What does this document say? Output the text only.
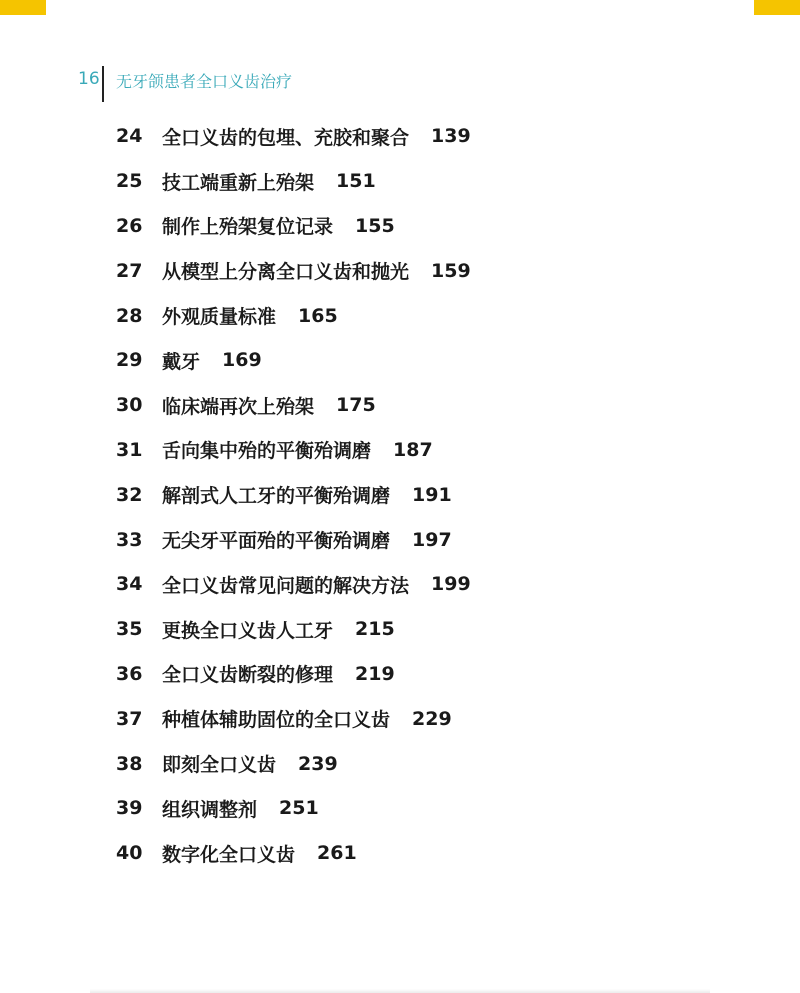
16 无牙颌患者全口义齿治疗
24	全口义齿的包埋、充胶和聚合 139
25	技工端重新上殆架 151
26	制作上殆架复位记录 155
27	从模型上分离全口义齿和抛光 159
28	外观质量标准 165
29	戴牙 169
30	临床端再次上殆架 175
31	舌向集中殆的平衡殆调磨 187
32	解剖式人工牙的平衡殆调磨 191
33	无尖牙平面殆的平衡殆调磨 197
34	全口义齿常见问题的解决方法 199
35	更换全口义齿人工牙 215
36	全口义齿断裂的修理 219
37	种植体辅助固位的全口义齿 229
38	即刻全口义齿 239
39	组织调整剂 251
40	数字化全口义齿 261
